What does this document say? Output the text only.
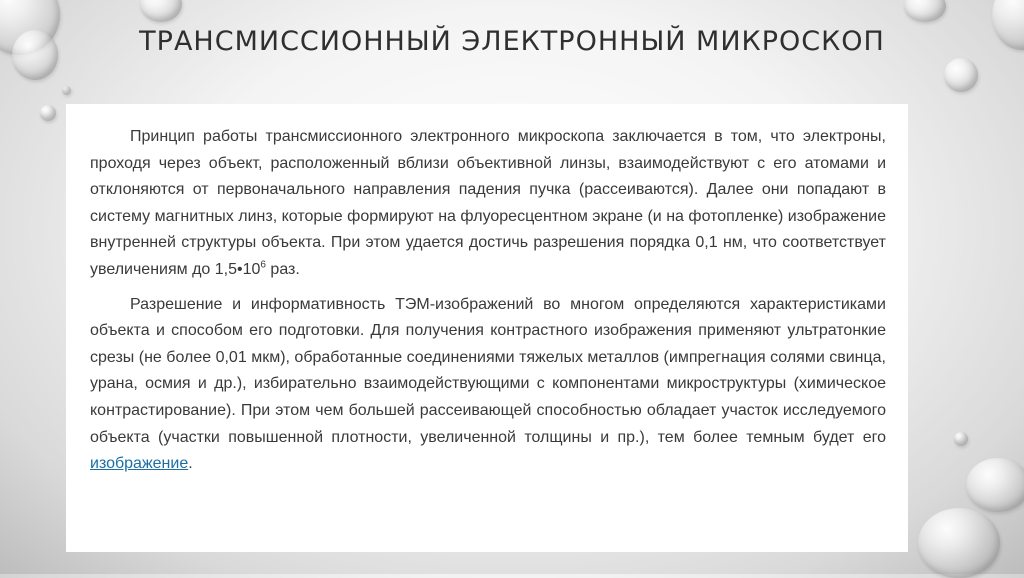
ТРАНСМИССИОННЫЙ ЭЛЕКТРОННЫЙ МИКРОСКОП

Принцип работы трансмиссионного электронного микроскопа заключается в том, что электроны, проходя через объект, расположенный вблизи объективной линзы, взаимодействуют с его атомами и отклоняются от первоначального направления падения пучка (рассеиваются). Далее они попадают в систему магнитных линз, которые формируют на флуоресцентном экране (и на фотопленке) изображение внутренней структуры объекта. При этом удается достичь разрешения порядка 0,1 нм, что соответствует увеличениям до $1,5•10^6$ раз.

Разрешение и информативность ТЭМ-изображений во многом определяются характеристиками объекта и способом его подготовки. Для получения контрастного изображения применяют ультратонкие срезы (не более 0,01 мкм), обработанные соединениями тяжелых металлов (импрегнация солями свинца, урана, осмия и др.), избирательно взаимодействующими с компонентами микроструктуры (химическое контрастирование). При этом чем большей рассеивающей способностью обладает участок исследуемого объекта (участки повышенной плотности, увеличенной толщины и пр.), тем более темным будет его изображение.
